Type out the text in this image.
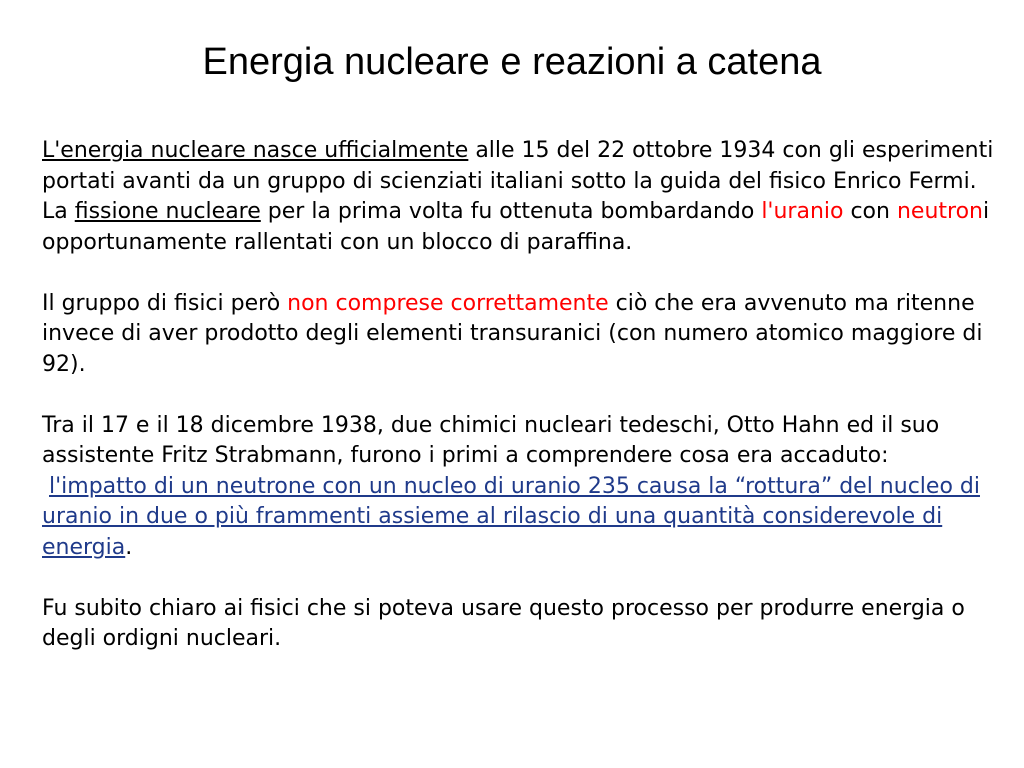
Energia nucleare e reazioni a catena

L'energia nucleare nasce ufficialmente alle 15 del 22 ottobre 1934 con gli esperimenti portati avanti da un gruppo di scienziati italiani sotto la guida del fisico Enrico Fermi. La fissione nucleare per la prima volta fu ottenuta bombardando l'uranio con neutroni opportunamente rallentati con un blocco di paraffina.

Il gruppo di fisici però non comprese correttamente ciò che era avvenuto ma ritenne invece di aver prodotto degli elementi transuranici (con numero atomico maggiore di 92).

Tra il 17 e il 18 dicembre 1938, due chimici nucleari tedeschi, Otto Hahn ed il suo assistente Fritz Strabmann, furono i primi a comprendere cosa era accaduto:
l'impatto di un neutrone con un nucleo di uranio 235 causa la “rottura” del nucleo di uranio in due o più frammenti assieme al rilascio di una quantità considerevole di energia.

Fu subito chiaro ai fisici che si poteva usare questo processo per produrre energia o degli ordigni nucleari.
